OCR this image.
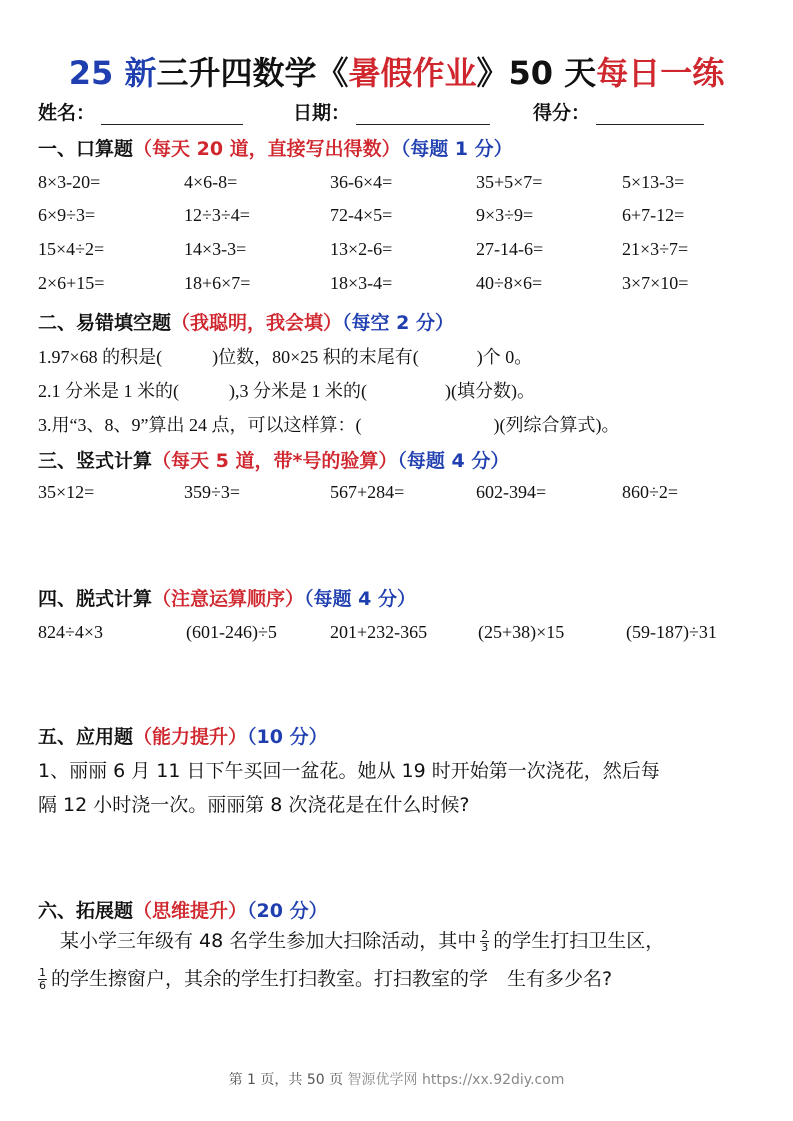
25 新三升四数学《暑假作业》50 天每日一练
姓名：	日期：	得分：
一、口算题（每天 20 道，直接写出得数）（每题 1 分）
8×3-20=	4×6-8=	36-6×4=	35+5×7=	5×13-3=
6×9÷3=	12÷3÷4=	72-4×5=	9×3÷9=	6+7-12=
15×4÷2=	14×3-3=	13×2-6=	27-14-6=	21×3÷7=
2×6+15=	18+6×7=	18×3-4=	40÷8×6=	3×7×10=
二、易错填空题（我聪明，我会填）（每空 2 分）
1.97×68 的积是(	)位数，80×25 积的末尾有(	)个 0。
2.1 分米是 1 米的(	),3 分米是 1 米的(	)(填分数)。
3.用“3、8、9”算出 24 点，可以这样算：(	)(列综合算式)。
三、竖式计算（每天 5 道，带*号的验算）（每题 4 分）
35×12=	359÷3=	567+284=	602-394=	860÷2=
四、脱式计算（注意运算顺序）（每题 4 分）
824÷4×3	(601-246)÷5	201+232-365	(25+38)×15	(59-187)÷31
五、应用题（能力提升）（10 分）
1、丽丽 6 月 11 日下午买回一盆花。她从 19 时开始第一次浇花，然后每
隔 12 小时浇一次。丽丽第 8 次浇花是在什么时候?
六、拓展题（思维提升）（20 分）
某小学三年级有 48 名学生参加大扫除活动，其中 $\frac{2}{3}$ 的学生打扫卫生区，
$\frac{1}{6}$ 的学生擦窗户，其余的学生打扫教室。打扫教室的学　生有多少名?
第 1 页，共 50 页 智源优学网 https://xx.92diy.com
